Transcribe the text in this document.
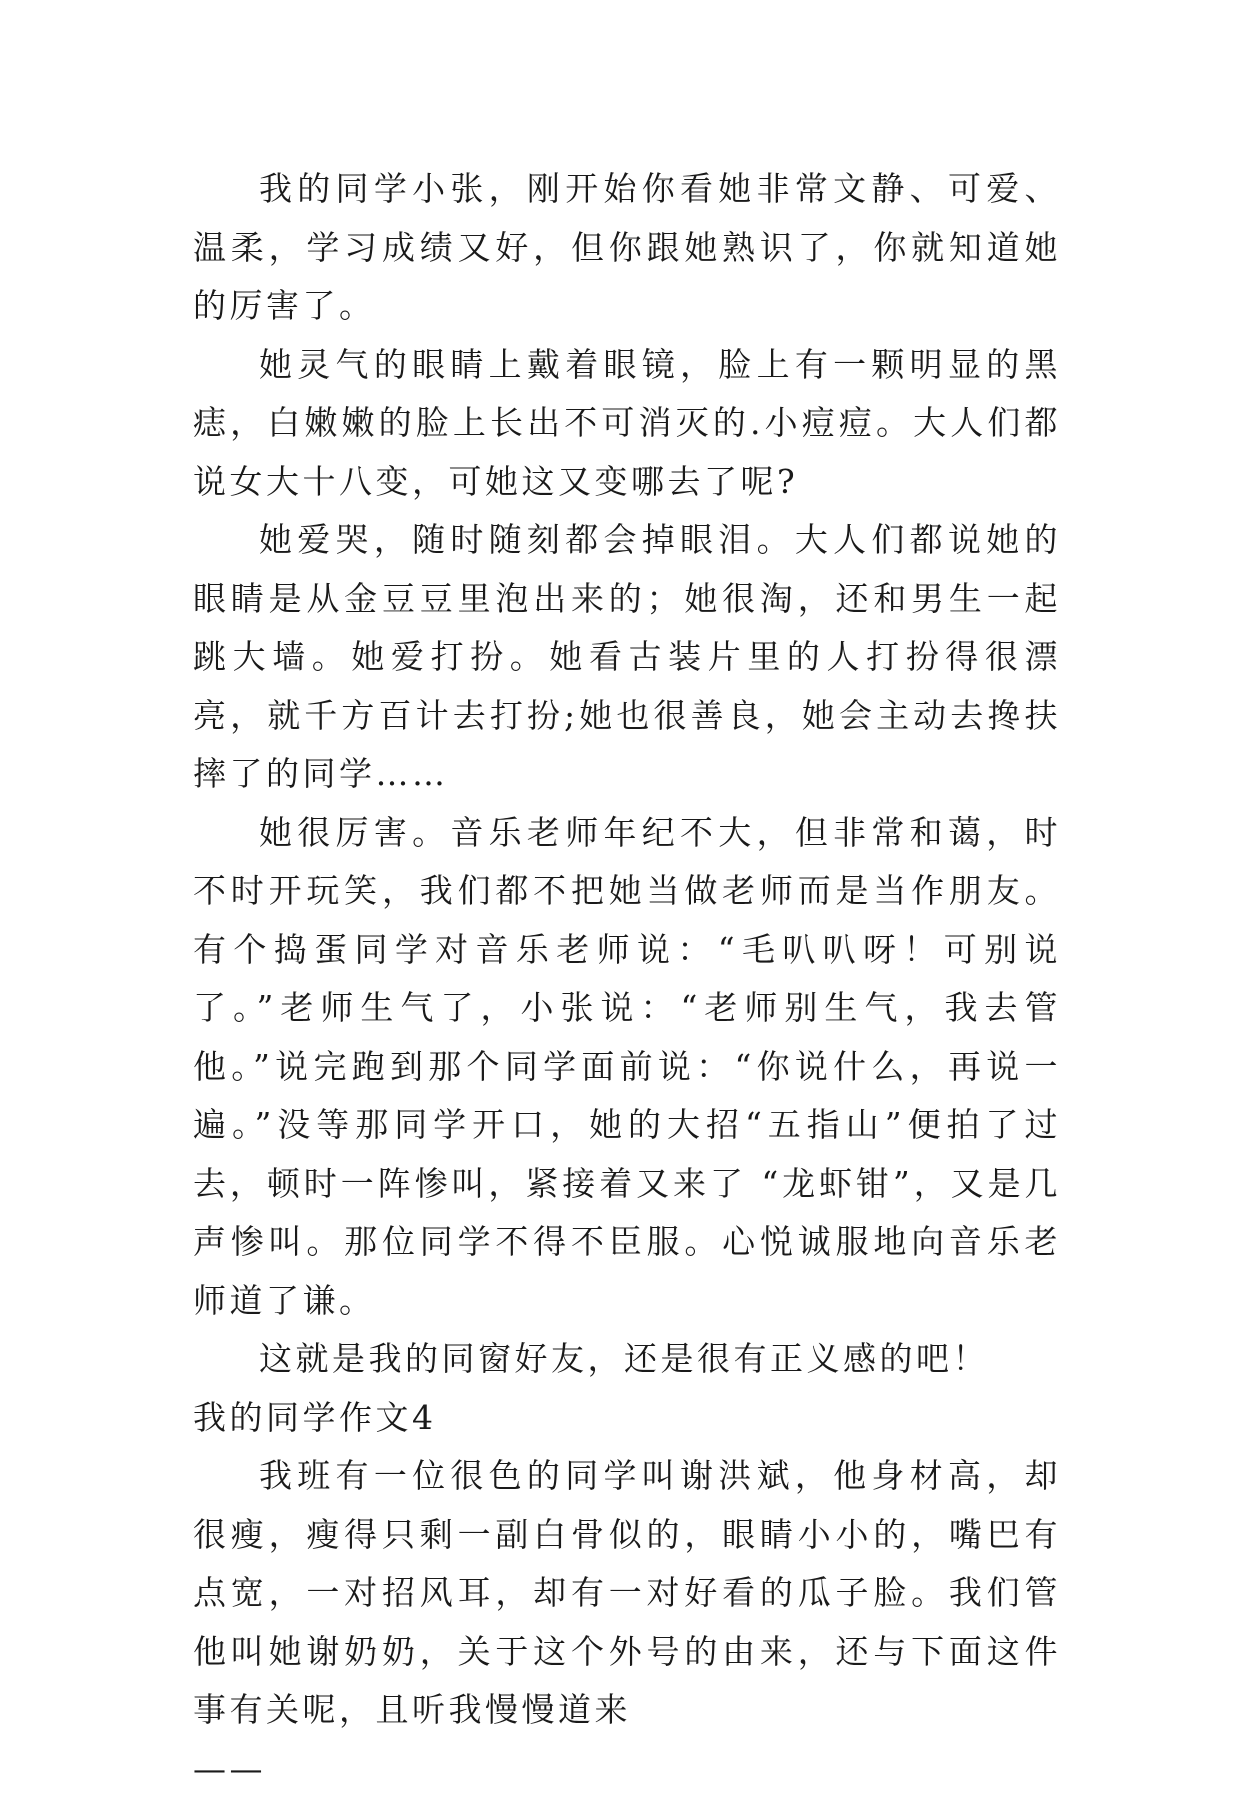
我的同学小张，刚开始你看她非常文静、可爱、温柔，学习成绩又好，但你跟她熟识了，你就知道她的厉害了。

她灵气的眼睛上戴着眼镜，脸上有一颗明显的黑痣，白嫩嫩的脸上长出不可消灭的.小痘痘。大人们都说女大十八变，可她这又变哪去了呢?

她爱哭，随时随刻都会掉眼泪。大人们都说她的眼睛是从金豆豆里泡出来的；她很淘，还和男生一起跳大墙。她爱打扮。她看古装片里的人打扮得很漂亮，就千方百计去打扮;她也很善良，她会主动去搀扶摔了的同学……

她很厉害。音乐老师年纪不大，但非常和蔼，时不时开玩笑，我们都不把她当做老师而是当作朋友。有个捣蛋同学对音乐老师说：“毛叭叭呀！可别说了。”老师生气了，小张说：“老师别生气，我去管他。”说完跑到那个同学面前说：“你说什么，再说一遍。”没等那同学开口，她的大招“五指山”便拍了过去，顿时一阵惨叫，紧接着又来了 “龙虾钳”，又是几声惨叫。那位同学不得不臣服。心悦诚服地向音乐老师道了谦。

这就是我的同窗好友，还是很有正义感的吧！

我的同学作文4

我班有一位很色的同学叫谢洪斌，他身材高，却很瘦，瘦得只剩一副白骨似的，眼睛小小的，嘴巴有点宽，一对招风耳，却有一对好看的瓜子脸。我们管他叫她谢奶奶，关于这个外号的由来，还与下面这件事有关呢，且听我慢慢道来

——
